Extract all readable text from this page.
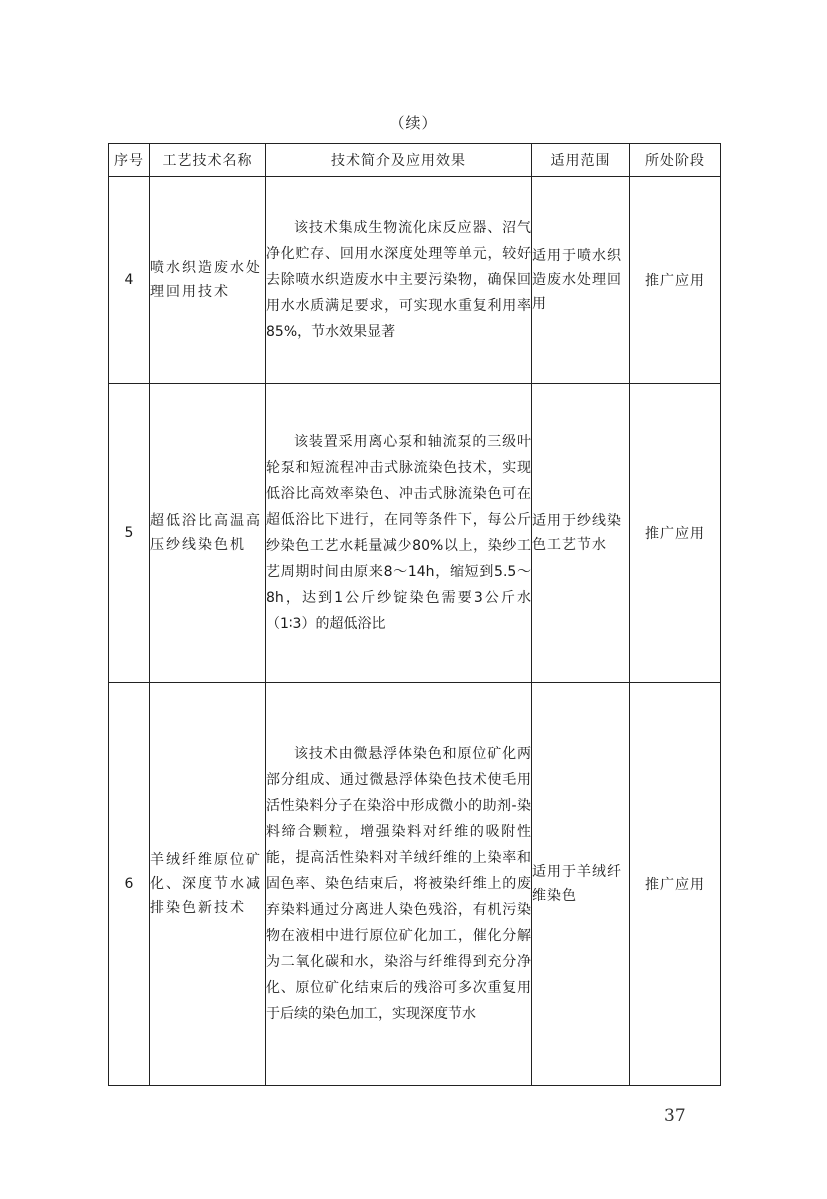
（续）
序号	工艺技术名称	技术简介及应用效果	适用范围	所处阶段
4	喷水织造废水处理回用技术	该技术集成生物流化床反应器、沼气净化贮存、回用水深度处理等单元，较好去除喷水织造废水中主要污染物，确保回用水水质满足要求，可实现水重复利用率85%，节水效果显著	适用于喷水织造废水处理回用	推广应用
5	超低浴比高温高压纱线染色机	该装置采用离心泵和轴流泵的三级叶轮泵和短流程冲击式脉流染色技术，实现低浴比高效率染色、冲击式脉流染色可在超低浴比下进行，在同等条件下，每公斤纱染色工艺水耗量减少80%以上，染纱工艺周期时间由原来8～14h，缩短到5.5～8h，达到1公斤纱锭染色需要3公斤水（1∶3）的超低浴比	适用于纱线染色工艺节水	推广应用
6	羊绒纤维原位矿化、深度节水减排染色新技术	该技术由微悬浮体染色和原位矿化两部分组成、通过微悬浮体染色技术使毛用活性染料分子在染浴中形成微小的助剂-染料缔合颗粒，增强染料对纤维的吸附性能，提高活性染料对羊绒纤维的上染率和固色率、染色结束后，将被染纤维上的废弃染料通过分离进人染色残浴，有机污染物在液相中进行原位矿化加工，催化分解为二氧化碳和水，染浴与纤维得到充分净化、原位矿化结束后的残浴可多次重复用于后续的染色加工，实现深度节水	适用于羊绒纤维染色	推广应用
37
